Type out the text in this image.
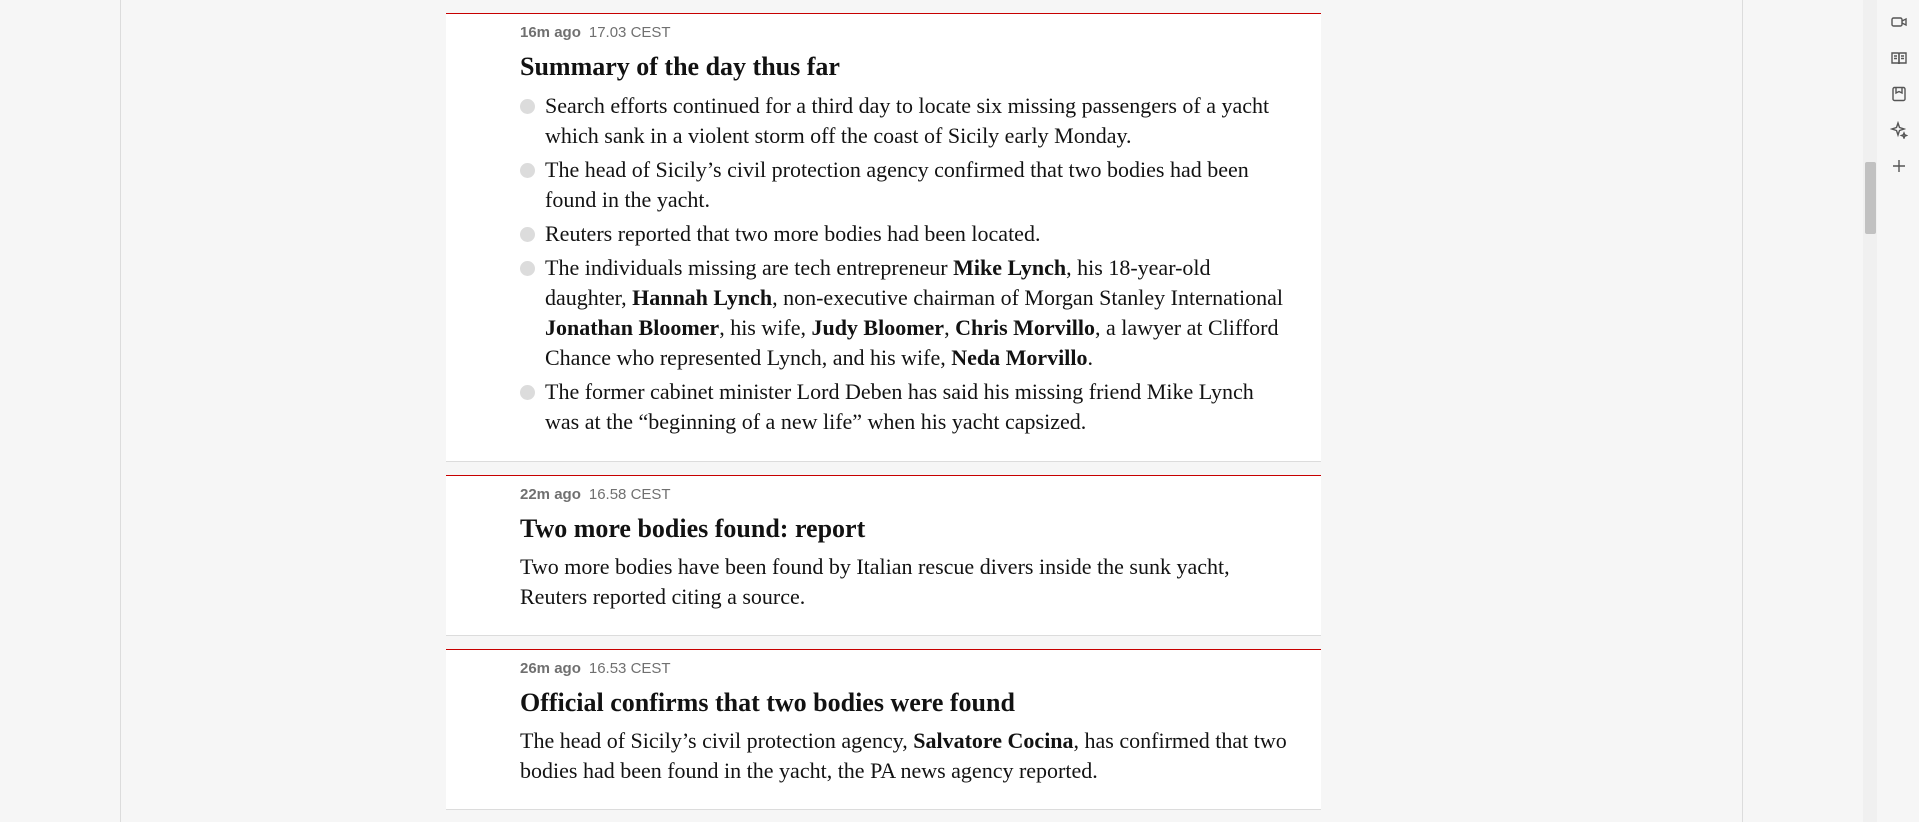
16m ago 17.03 CEST
Summary of the day thus far
Search efforts continued for a third day to locate six missing passengers of a yacht which sank in a violent storm off the coast of Sicily early Monday.
The head of Sicily’s civil protection agency confirmed that two bodies had been found in the yacht.
Reuters reported that two more bodies had been located.
The individuals missing are tech entrepreneur Mike Lynch, his 18-year-old daughter, Hannah Lynch, non-executive chairman of Morgan Stanley International Jonathan Bloomer, his wife, Judy Bloomer, Chris Morvillo, a lawyer at Clifford Chance who represented Lynch, and his wife, Neda Morvillo.
The former cabinet minister Lord Deben has said his missing friend Mike Lynch was at the “beginning of a new life” when his yacht capsized.
22m ago 16.58 CEST
Two more bodies found: report

Two more bodies have been found by Italian rescue divers inside the sunk yacht, Reuters reported citing a source.

26m ago 16.53 CEST
Official confirms that two bodies were found

The head of Sicily’s civil protection agency, Salvatore Cocina, has confirmed that two bodies had been found in the yacht, the PA news agency reported.
